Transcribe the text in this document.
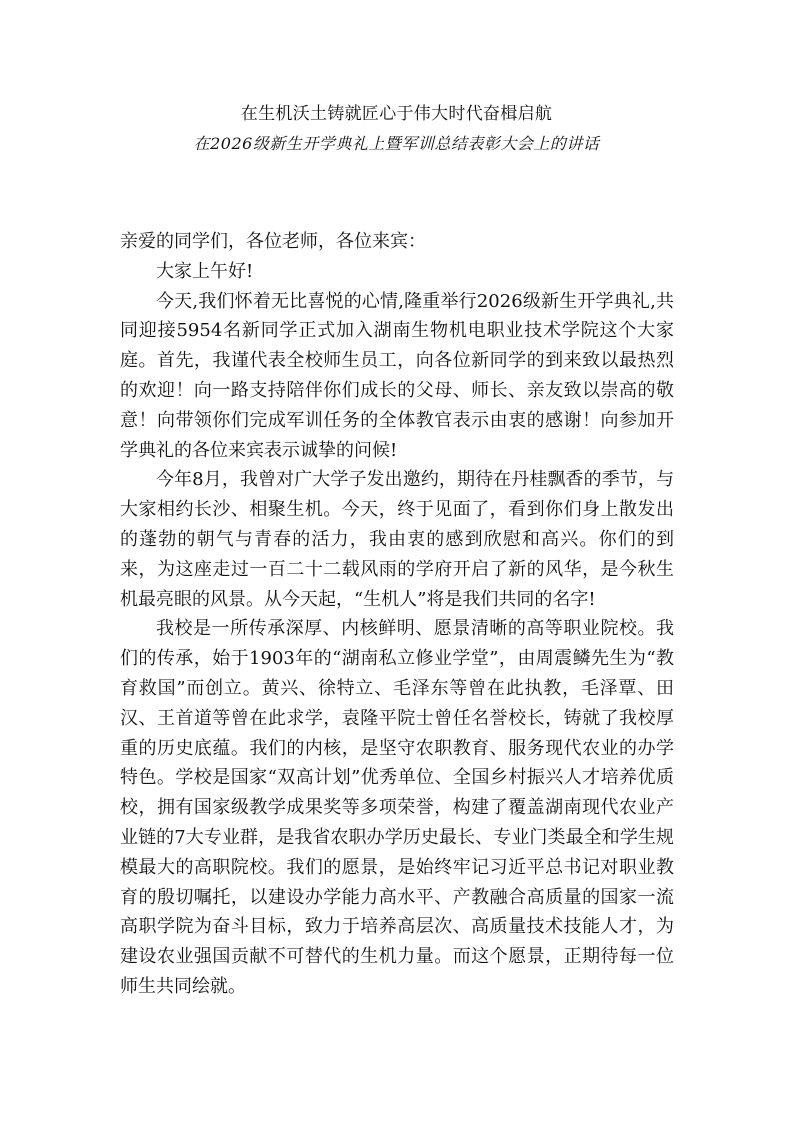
在生机沃土铸就匠心于伟大时代奋楫启航
在2026级新生开学典礼上暨军训总结表彰大会上的讲话

亲爱的同学们，各位老师，各位来宾：

大家上午好!

今天,我们怀着无比喜悦的心情,隆重举行2026级新生开学典礼,共同迎接5954名新同学正式加入湖南生物机电职业技术学院这个大家庭。首先，我谨代表全校师生员工，向各位新同学的到来致以最热烈的欢迎！向一路支持陪伴你们成长的父母、师长、亲友致以崇高的敬意！向带领你们完成军训任务的全体教官表示由衷的感谢！向参加开学典礼的各位来宾表示诚挚的问候!

今年8月，我曾对广大学子发出邀约，期待在丹桂飘香的季节，与大家相约长沙、相聚生机。今天，终于见面了，看到你们身上散发出的蓬勃的朝气与青春的活力，我由衷的感到欣慰和高兴。你们的到来，为这座走过一百二十二载风雨的学府开启了新的风华，是今秋生机最亮眼的风景。从今天起，“生机人”将是我们共同的名字!

我校是一所传承深厚、内核鲜明、愿景清晰的高等职业院校。我们的传承，始于1903年的“湖南私立修业学堂”，由周震鳞先生为“教育救国”而创立。黄兴、徐特立、毛泽东等曾在此执教，毛泽覃、田汉、王首道等曾在此求学，袁隆平院士曾任名誉校长，铸就了我校厚重的历史底蕴。我们的内核，是坚守农职教育、服务现代农业的办学特色。学校是国家“双高计划”优秀单位、全国乡村振兴人才培养优质校，拥有国家级教学成果奖等多项荣誉，构建了覆盖湖南现代农业产业链的7大专业群，是我省农职办学历史最长、专业门类最全和学生规模最大的高职院校。我们的愿景，是始终牢记习近平总书记对职业教育的殷切嘱托，以建设办学能力高水平、产教融合高质量的国家一流高职学院为奋斗目标，致力于培养高层次、高质量技术技能人才，为建设农业强国贡献不可替代的生机力量。而这个愿景，正期待每一位师生共同绘就。
